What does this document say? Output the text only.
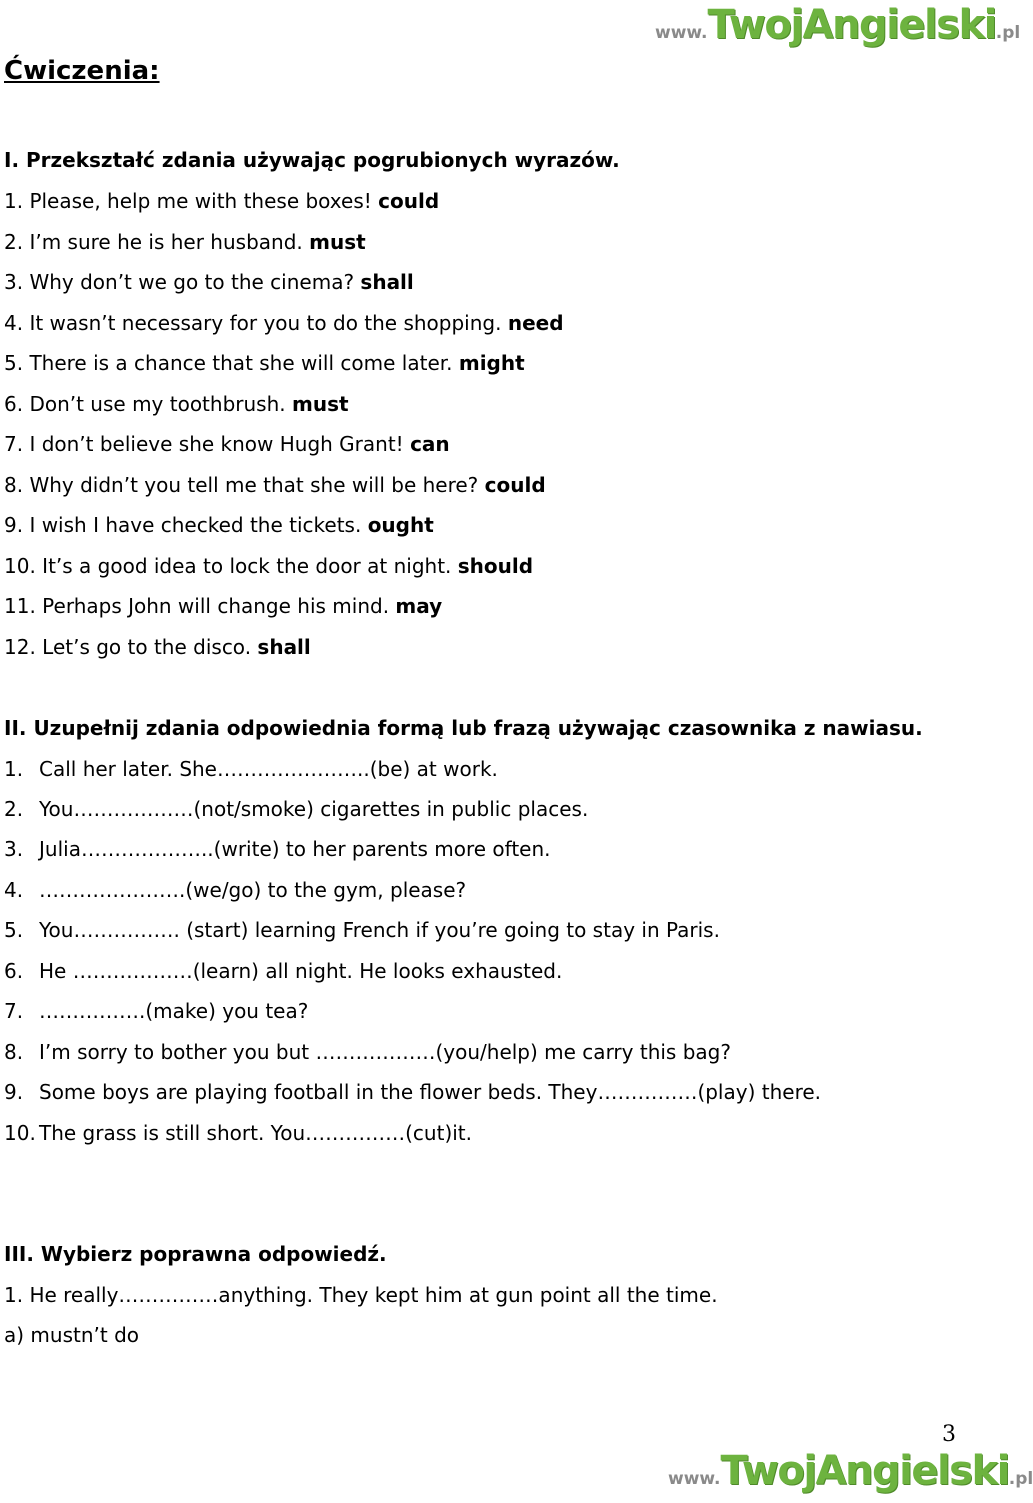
www. TwojAngielski .pl
Ćwiczenia:
I. Przekształć zdania używając pogrubionych wyrazów.
1. Please, help me with these boxes! could
2. I’m sure he is her husband. must
3. Why don’t we go to the cinema? shall
4. It wasn’t necessary for you to do the shopping. need
5. There is a chance that she will come later. might
6. Don’t use my toothbrush. must
7. I don’t believe she know Hugh Grant! can
8. Why didn’t you tell me that she will be here? could
9. I wish I have checked the tickets. ought
10. It’s a good idea to lock the door at night. should
11. Perhaps John will change his mind. may
12. Let’s go to the disco. shall
II. Uzupełnij zdania odpowiednia formą lub frazą używając czasownika z nawiasu.
1. Call her later. She…………………..(be) at work.
2. You………………(not/smoke) cigarettes in public places.
3. Julia………………..(write) to her parents more often.
4. ………………….(we/go) to the gym, please?
5. You……………. (start) learning French if you’re going to stay in Paris.
6. He ………………(learn) all night. He looks exhausted.
7. …………….(make) you tea?
8. I’m sorry to bother you but ………………(you/help) me carry this bag?
9. Some boys are playing football in the flower beds. They……………(play) there.
10. The grass is still short. You……………(cut)it.
III. Wybierz poprawna odpowiedź.
1. He really……………anything. They kept him at gun point all the time.
a) mustn’t do
3
www. TwojAngielski .pl
